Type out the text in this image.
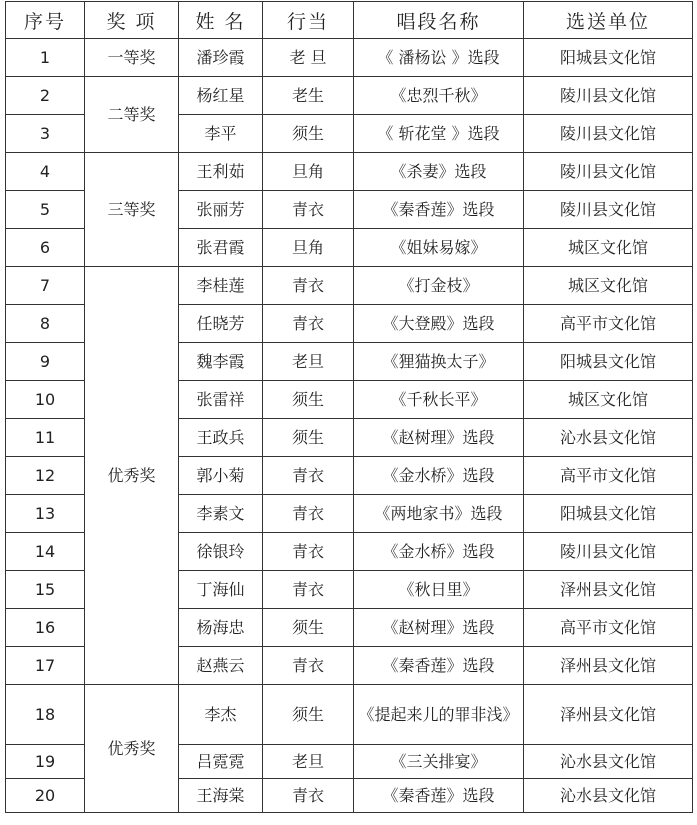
序号	奖 项	姓 名	行当	唱段名称	选送单位
1	一等奖	潘珍霞	老 旦	《 潘杨讼 》选段	阳城县文化馆
2	二等奖	杨红星	老生	《忠烈千秋》	陵川县文化馆
3		李平	须生	《 斩花堂 》选段	陵川县文化馆
4	三等奖	王利茹	旦角	《杀妻》选段	陵川县文化馆
5		张丽芳	青衣	《秦香莲》选段	陵川县文化馆
6		张君霞	旦角	《姐妹易嫁》	城区文化馆
7	优秀奖	李桂莲	青衣	《打金枝》	城区文化馆
8		任晓芳	青衣	《大登殿》选段	高平市文化馆
9		魏李霞	老旦	《狸猫换太子》	阳城县文化馆
10		张雷祥	须生	《千秋长平》	城区文化馆
11		王政兵	须生	《赵树理》选段	沁水县文化馆
12		郭小菊	青衣	《金水桥》选段	高平市文化馆
13		李素文	青衣	《两地家书》选段	阳城县文化馆
14		徐银玲	青衣	《金水桥》选段	陵川县文化馆
15		丁海仙	青衣	《秋日里》	泽州县文化馆
16		杨海忠	须生	《赵树理》选段	高平市文化馆
17		赵燕云	青衣	《秦香莲》选段	泽州县文化馆
18	优秀奖	李杰	须生	《提起来儿的罪非浅》	泽州县文化馆
19		吕霓霓	老旦	《三关排宴》	沁水县文化馆
20		王海棠	青衣	《秦香莲》选段	沁水县文化馆
